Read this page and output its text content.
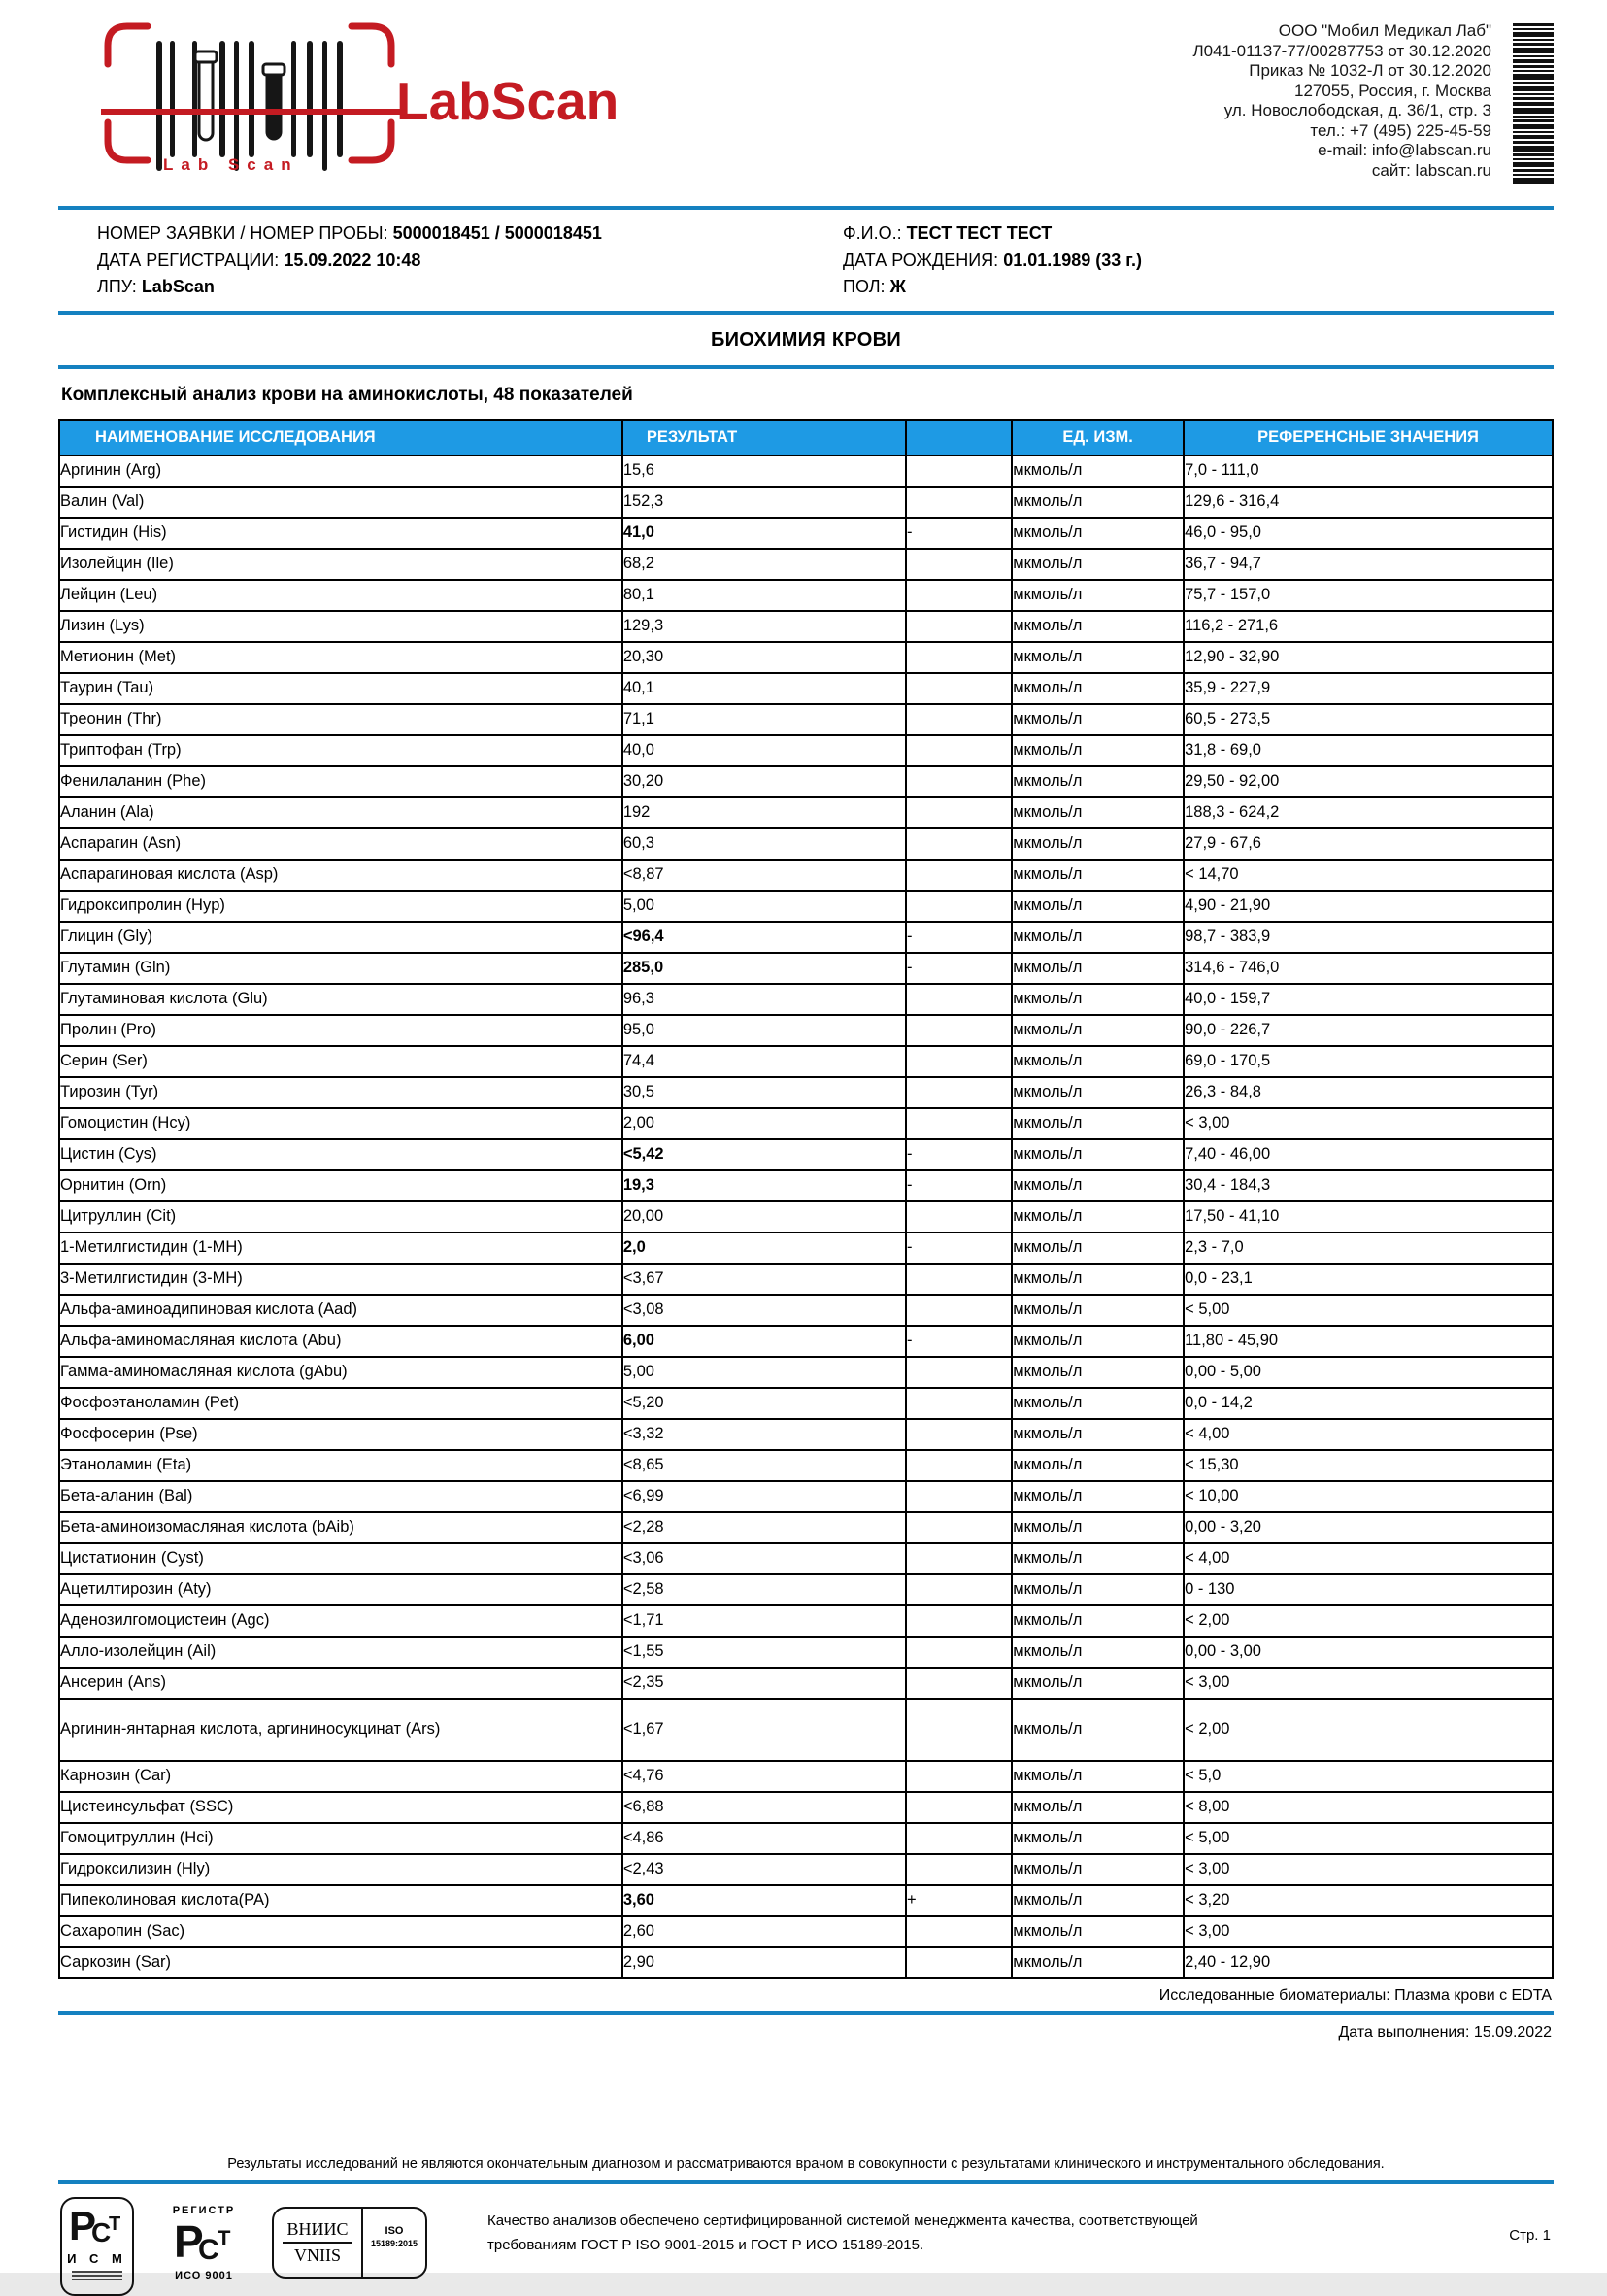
Lab Scan
LabScan
ООО "Мобил Медикал Лаб"
Л041-01137-77/00287753 от 30.12.2020
Приказ № 1032-Л от 30.12.2020
127055, Россия, г. Москва
ул. Новослободская, д. 36/1, стр. 3
тел.: +7 (495) 225-45-59
e-mail: info@labscan.ru
сайт: labscan.ru
НОМЕР ЗАЯВКИ / НОМЕР ПРОБЫ: 5000018451 / 5000018451
ДАТА РЕГИСТРАЦИИ: 15.09.2022 10:48
ЛПУ: LabScan
Ф.И.О.: ТЕСТ ТЕСТ ТЕСТ
ДАТА РОЖДЕНИЯ: 01.01.1989 (33 г.)
ПОЛ: Ж
БИОХИМИЯ КРОВИ
Комплексный анализ крови на аминокислоты, 48 показателей
НАИМЕНОВАНИЕ ИССЛЕДОВАНИЯ	РЕЗУЛЬТАТ		ЕД. ИЗМ.	РЕФЕРЕНСНЫЕ ЗНАЧЕНИЯ
Аргинин (Arg)	15,6		мкмоль/л	7,0 - 111,0
Валин (Val)	152,3		мкмоль/л	129,6 - 316,4
Гистидин (His)	41,0	-	мкмоль/л	46,0 - 95,0
Изолейцин (Ile)	68,2		мкмоль/л	36,7 - 94,7
Лейцин (Leu)	80,1		мкмоль/л	75,7 - 157,0
Лизин (Lys)	129,3		мкмоль/л	116,2 - 271,6
Метионин (Met)	20,30		мкмоль/л	12,90 - 32,90
Таурин (Tau)	40,1		мкмоль/л	35,9 - 227,9
Треонин (Thr)	71,1		мкмоль/л	60,5 - 273,5
Триптофан (Trp)	40,0		мкмоль/л	31,8 - 69,0
Фенилаланин (Phe)	30,20		мкмоль/л	29,50 - 92,00
Аланин (Ala)	192		мкмоль/л	188,3 - 624,2
Аспарагин (Asn)	60,3		мкмоль/л	27,9 - 67,6
Аспарагиновая кислота (Asp)	<8,87		мкмоль/л	< 14,70
Гидроксипролин (Hyp)	5,00		мкмоль/л	4,90 - 21,90
Глицин (Gly)	<96,4	-	мкмоль/л	98,7 - 383,9
Глутамин (Gln)	285,0	-	мкмоль/л	314,6 - 746,0
Глутаминовая кислота (Glu)	96,3		мкмоль/л	40,0 - 159,7
Пролин (Pro)	95,0		мкмоль/л	90,0 - 226,7
Серин (Ser)	74,4		мкмоль/л	69,0 - 170,5
Тирозин (Tyr)	30,5		мкмоль/л	26,3 - 84,8
Гомоцистин (Hcy)	2,00		мкмоль/л	< 3,00
Цистин (Cys)	<5,42	-	мкмоль/л	7,40 - 46,00
Орнитин (Orn)	19,3	-	мкмоль/л	30,4 - 184,3
Цитруллин (Cit)	20,00		мкмоль/л	17,50 - 41,10
1-Метилгистидин (1-MH)	2,0	-	мкмоль/л	2,3 - 7,0
3-Метилгистидин (3-MH)	<3,67		мкмоль/л	0,0 - 23,1
Альфа-аминоадипиновая кислота (Aad)	<3,08		мкмоль/л	< 5,00
Альфа-аминомасляная кислота (Abu)	6,00	-	мкмоль/л	11,80 - 45,90
Гамма-аминомасляная кислота (gAbu)	5,00		мкмоль/л	0,00 - 5,00
Фосфоэтаноламин (Pet)	<5,20		мкмоль/л	0,0 - 14,2
Фосфосерин (Pse)	<3,32		мкмоль/л	< 4,00
Этаноламин (Eta)	<8,65		мкмоль/л	< 15,30
Бета-аланин (Bal)	<6,99		мкмоль/л	< 10,00
Бета-аминоизомасляная кислота (bAib)	<2,28		мкмоль/л	0,00 - 3,20
Цистатионин (Cyst)	<3,06		мкмоль/л	< 4,00
Ацетилтирозин (Aty)	<2,58		мкмоль/л	0 - 130
Аденозилгомоцистеин (Agc)	<1,71		мкмоль/л	< 2,00
Алло-изолейцин (Ail)	<1,55		мкмоль/л	0,00 - 3,00
Ансерин (Ans)	<2,35		мкмоль/л	< 3,00
Аргинин-янтарная кислота, аргининосукцинат (Ars)	<1,67		мкмоль/л	< 2,00
Карнозин (Car)	<4,76		мкмоль/л	< 5,0
Цистеинсульфат (SSC)	<6,88		мкмоль/л	< 8,00
Гомоцитруллин (Hci)	<4,86		мкмоль/л	< 5,00
Гидроксилизин (Hly)	<2,43		мкмоль/л	< 3,00
Пипеколиновая кислота(PA)	3,60	+	мкмоль/л	< 3,20
Сахаропин (Sac)	2,60		мкмоль/л	< 3,00
Саркозин (Sar)	2,90		мкмоль/л	2,40 - 12,90
Исследованные биоматериалы: Плазма крови с EDTA
Дата выполнения: 15.09.2022
Результаты исследований не являются окончательным диагнозом и рассматриваются врачом в совокупности с результатами клинического и инструментального обследования.
Р
С
Т
И С М
РЕГИСТР
Р
С
Т
ИСО 9001
ВНИИС
VNIIS
ISO
15189:2015
Качество анализов обеспечено сертифицированной системой менеджмента качества, соответствующей требованиям ГОСТ Р ISO 9001-2015 и ГОСТ Р ИСО 15189-2015.
Стр. 1
